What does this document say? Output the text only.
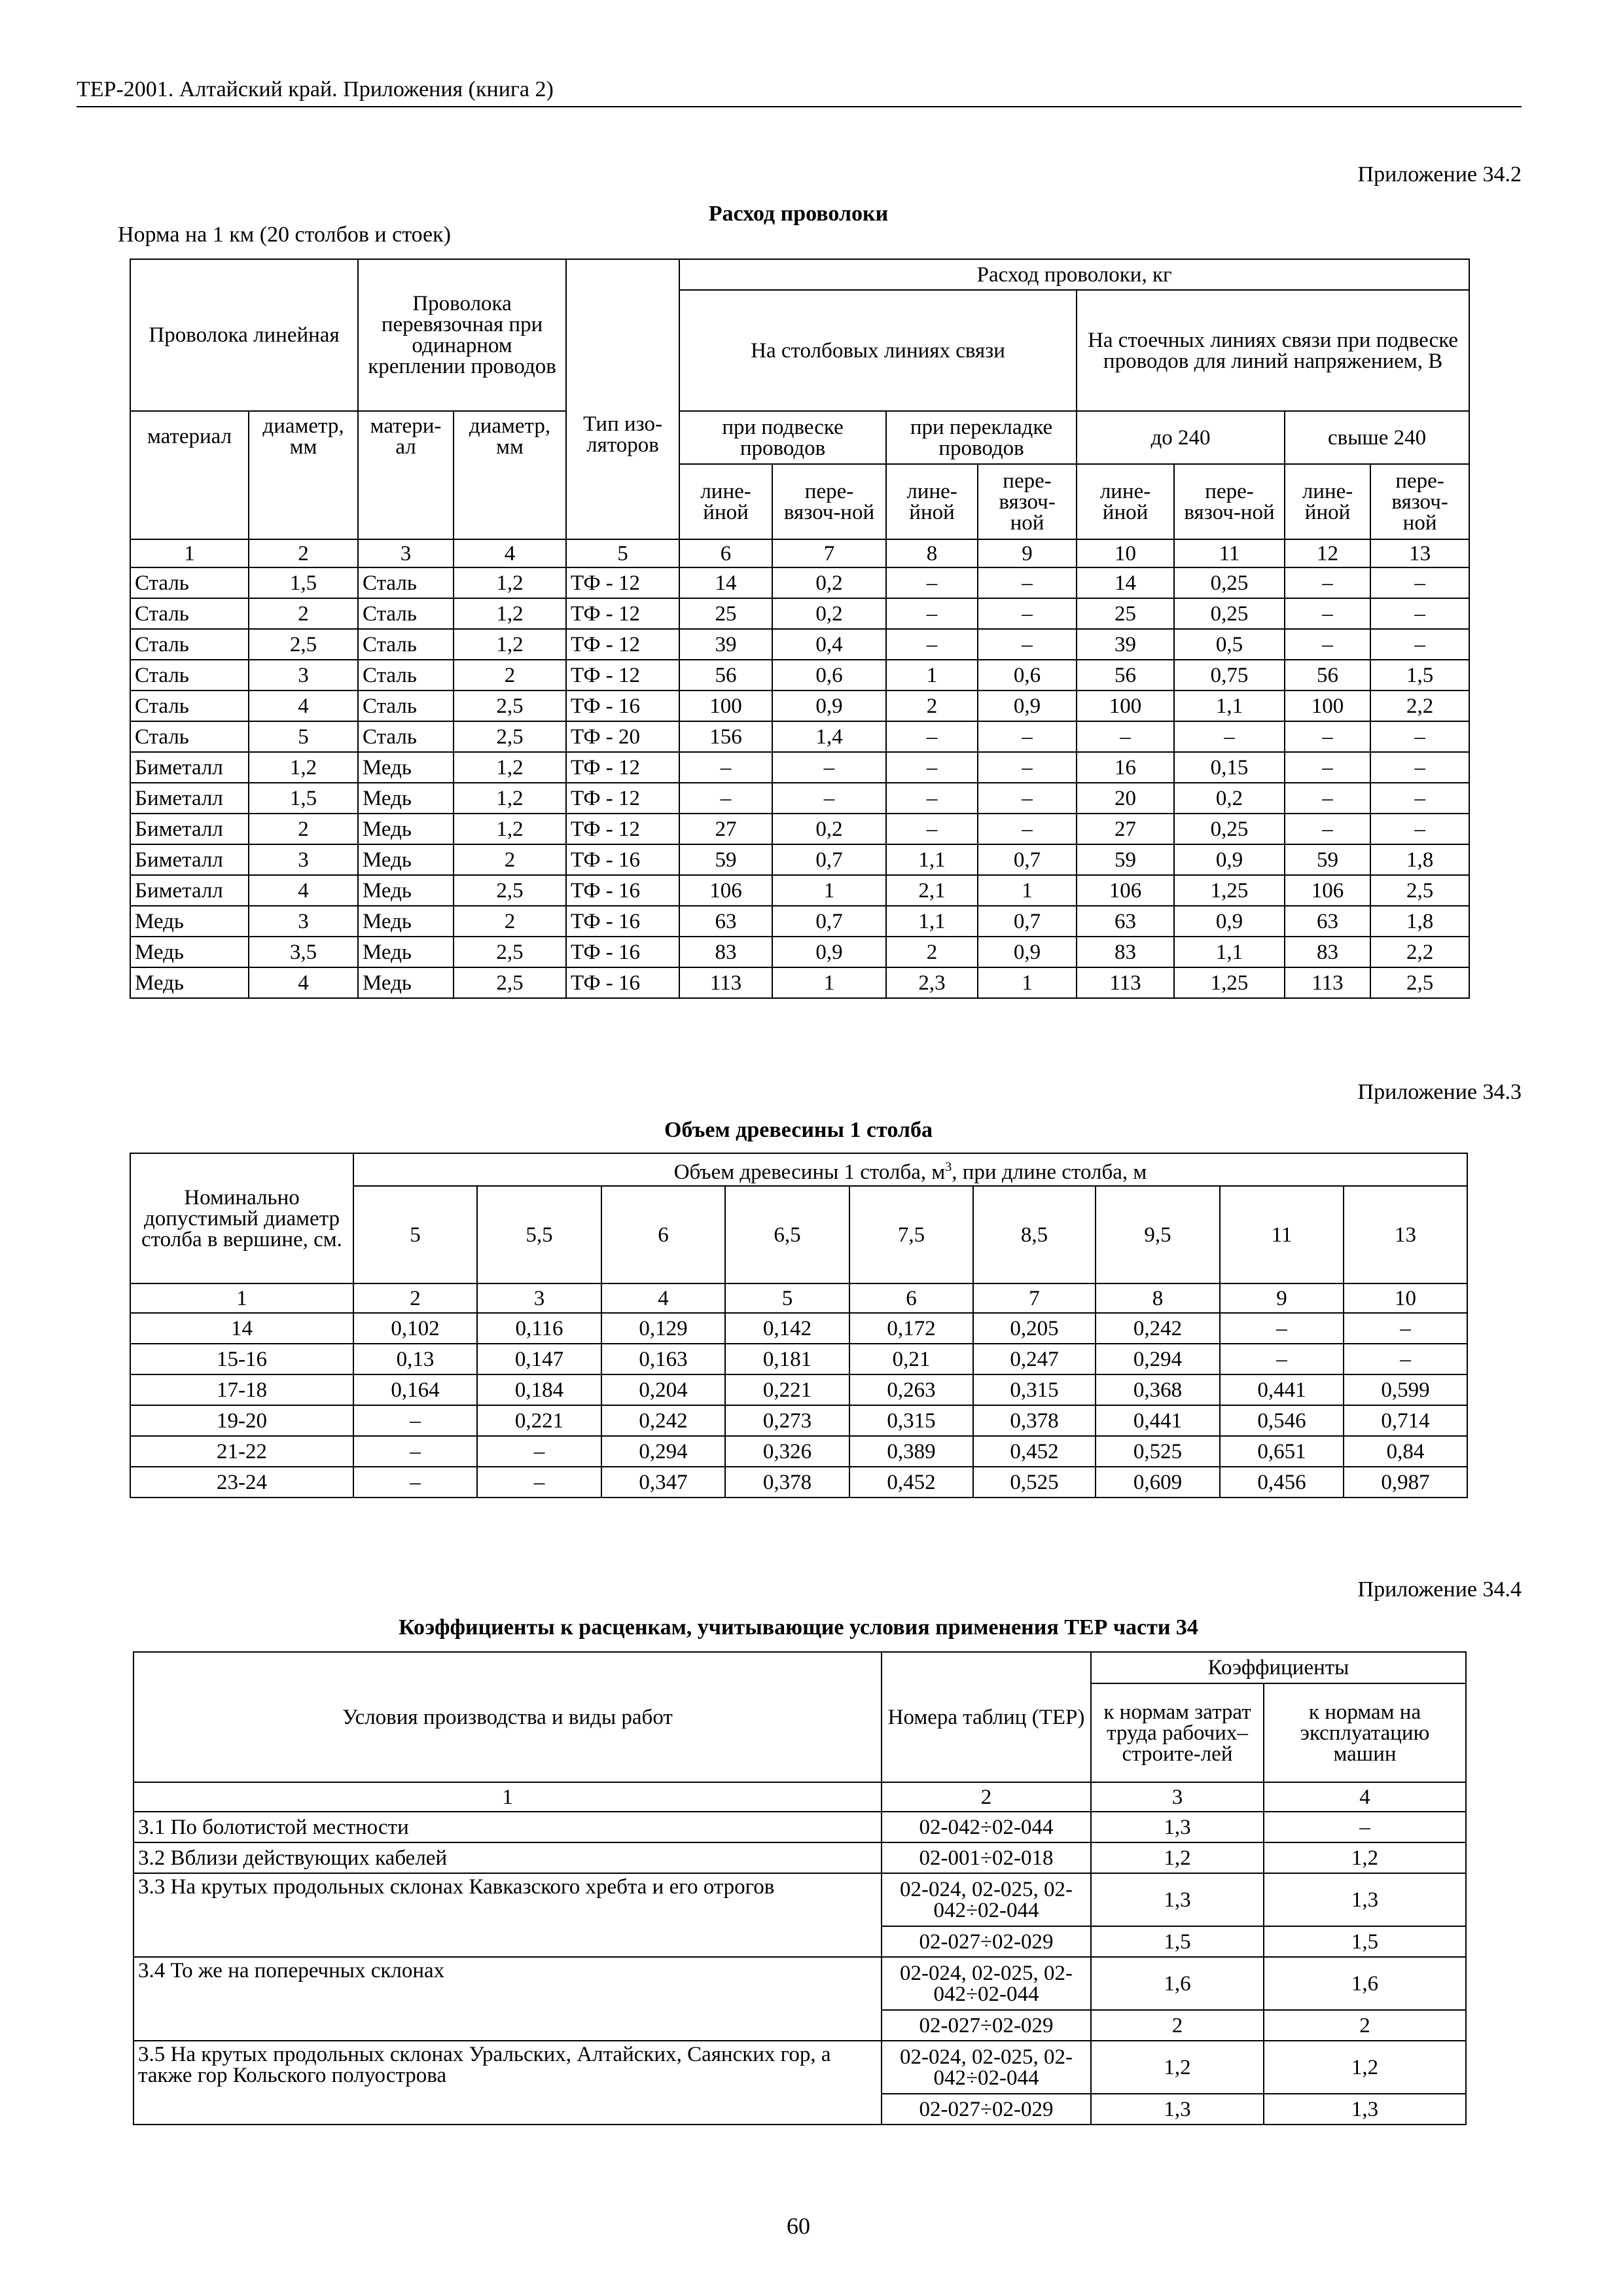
ТЕР-2001. Алтайский край. Приложения (книга 2)
Приложение 34.2
Расход проволоки
Норма на 1 км (20 столбов и стоек)
Проволока линейная		Проволока перевязочная при одинарном креплении проводов		Тип изо-ляторов	Расход проволоки, кг							
					На столбовых линиях связи				На стоечных линиях связи при подвеске проводов для линий напряжением, В			
материал	диаметр, мм	матери-ал	диаметр, мм		при подвеске проводов		при перекладке проводов		до 240		свыше 240	
					лине-йной	пере-вязоч-ной	лине-йной	пере-вязоч-ной	лине-йной	пере-вязоч-ной	лине-йной	пере-вязоч-ной
1	2	3	4	5	6	7	8	9	10	11	12	13
Сталь	1,5	Сталь	1,2	ТФ - 12	14	0,2	–	–	14	0,25	–	–
Сталь	2	Сталь	1,2	ТФ - 12	25	0,2	–	–	25	0,25	–	–
Сталь	2,5	Сталь	1,2	ТФ - 12	39	0,4	–	–	39	0,5	–	–
Сталь	3	Сталь	2	ТФ - 12	56	0,6	1	0,6	56	0,75	56	1,5
Сталь	4	Сталь	2,5	ТФ - 16	100	0,9	2	0,9	100	1,1	100	2,2
Сталь	5	Сталь	2,5	ТФ - 20	156	1,4	–	–	–	–	–	–
Биметалл	1,2	Медь	1,2	ТФ - 12	–	–	–	–	16	0,15	–	–
Биметалл	1,5	Медь	1,2	ТФ - 12	–	–	–	–	20	0,2	–	–
Биметалл	2	Медь	1,2	ТФ - 12	27	0,2	–	–	27	0,25	–	–
Биметалл	3	Медь	2	ТФ - 16	59	0,7	1,1	0,7	59	0,9	59	1,8
Биметалл	4	Медь	2,5	ТФ - 16	106	1	2,1	1	106	1,25	106	2,5
Медь	3	Медь	2	ТФ - 16	63	0,7	1,1	0,7	63	0,9	63	1,8
Медь	3,5	Медь	2,5	ТФ - 16	83	0,9	2	0,9	83	1,1	83	2,2
Медь	4	Медь	2,5	ТФ - 16	113	1	2,3	1	113	1,25	113	2,5
Приложение 34.3
Объем древесины 1 столба
Номинально допустимый диаметр столба в вершине, см.	Объем древесины 1 столба, $м^3$, при длине столба, м								
	5	5,5	6	6,5	7,5	8,5	9,5	11	13
1	2	3	4	5	6	7	8	9	10
14	0,102	0,116	0,129	0,142	0,172	0,205	0,242	–	–
15-16	0,13	0,147	0,163	0,181	0,21	0,247	0,294	–	–
17-18	0,164	0,184	0,204	0,221	0,263	0,315	0,368	0,441	0,599
19-20	–	0,221	0,242	0,273	0,315	0,378	0,441	0,546	0,714
21-22	–	–	0,294	0,326	0,389	0,452	0,525	0,651	0,84
23-24	–	–	0,347	0,378	0,452	0,525	0,609	0,456	0,987
Приложение 34.4
Коэффициенты к расценкам, учитывающие условия применения ТЕР части 34
Условия производства и виды работ	Номера таблиц (ТЕР)	Коэффициенты	
		к нормам затрат труда рабочих–строите-лей	к нормам на эксплуатацию машин
1	2	3	4
3.1 По болотистой местности	02-042÷02-044	1,3	–
3.2 Вблизи действующих кабелей	02-001÷02-018	1,2	1,2
3.3 На крутых продольных склонах Кавказского хребта и его отрогов	02-024, 02-025, 02-042÷02-044	1,3	1,3
	02-027÷02-029	1,5	1,5
3.4 То же на поперечных склонах	02-024, 02-025, 02-042÷02-044	1,6	1,6
	02-027÷02-029	2	2
3.5 На крутых продольных склонах Уральских, Алтайских, Саянских гор, а также гор Кольского полуострова	02-024, 02-025, 02-042÷02-044	1,2	1,2
	02-027÷02-029	1,3	1,3
60
